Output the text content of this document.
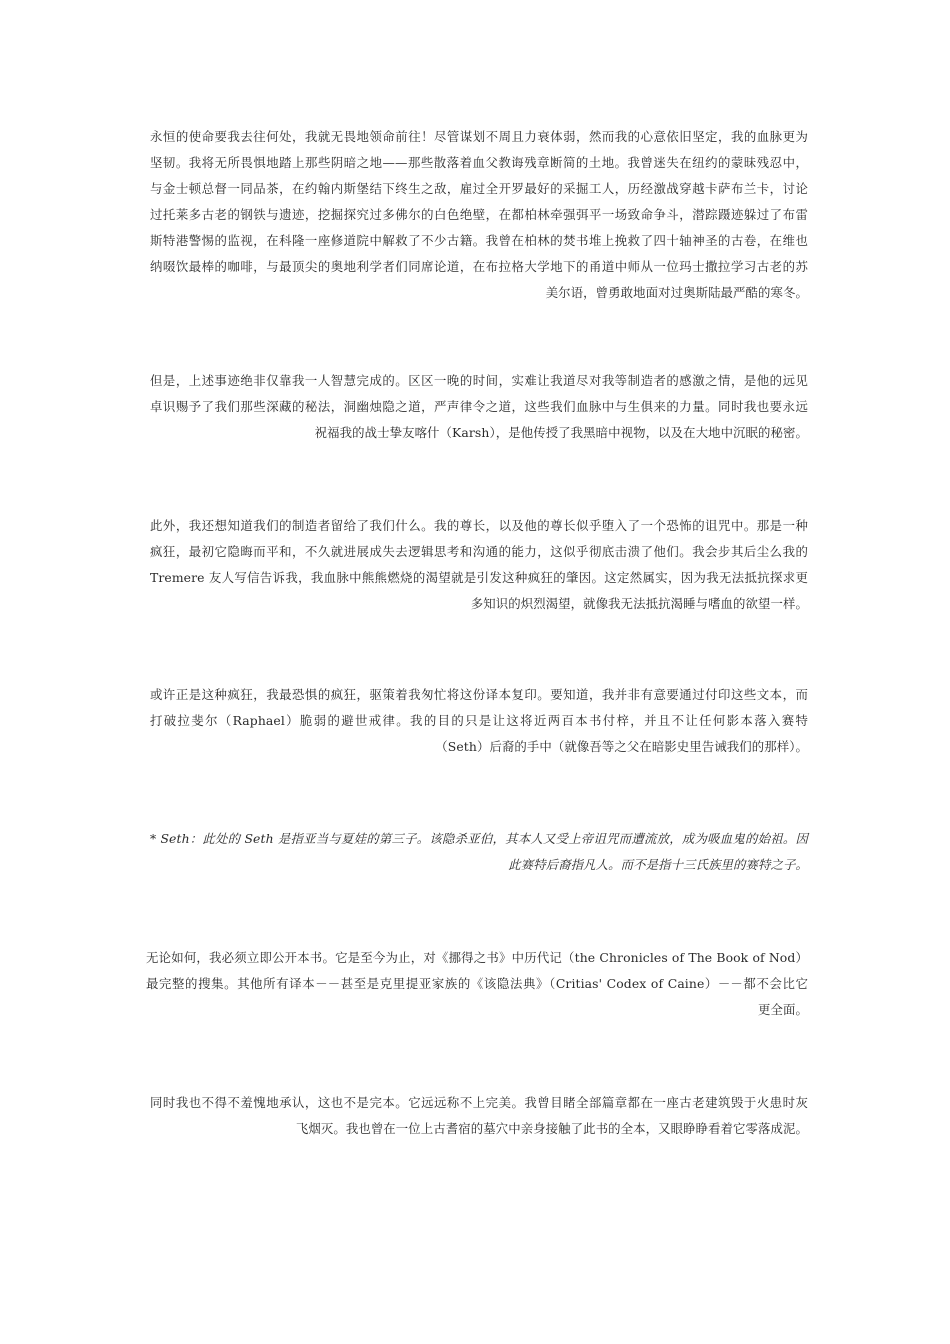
永恒的使命要我去往何处，我就无畏地领命前往！尽管谋划不周且力衰体弱，然而我的心意依旧坚定，我的血脉更为
坚韧。我将无所畏惧地踏上那些阴暗之地——那些散落着血父教诲残章断简的土地。我曾迷失在纽约的蒙昧残忍中，
与金士顿总督一同品茶，在约翰内斯堡结下终生之敌，雇过全开罗最好的采掘工人，历经激战穿越卡萨布兰卡，讨论
过托莱多古老的钢铁与遗迹，挖掘探究过多佛尔的白色绝壁，在都柏林牵强弭平一场致命争斗，潜踪蹑迹躲过了布雷
斯特港警惕的监视，在科隆一座修道院中解救了不少古籍。我曾在柏林的焚书堆上挽救了四十轴神圣的古卷，在维也
纳啜饮最棒的咖啡，与最顶尖的奥地利学者们同席论道，在布拉格大学地下的甬道中师从一位玛士撒拉学习古老的苏
美尔语，曾勇敢地面对过奥斯陆最严酷的寒冬。
但是，上述事迹绝非仅靠我一人智慧完成的。区区一晚的时间，实难让我道尽对我等制造者的感激之情，是他的远见
卓识赐予了我们那些深藏的秘法，洞幽烛隐之道，严声律令之道，这些我们血脉中与生俱来的力量。同时我也要永远
祝福我的战士挚友喀什（Karsh），是他传授了我黑暗中视物，以及在大地中沉眠的秘密。
此外，我还想知道我们的制造者留给了我们什么。我的尊长，以及他的尊长似乎堕入了一个恐怖的诅咒中。那是一种
疯狂，最初它隐晦而平和，不久就进展成失去逻辑思考和沟通的能力，这似乎彻底击溃了他们。我会步其后尘么我的
Tremere 友人写信告诉我，我血脉中熊熊燃烧的渴望就是引发这种疯狂的肇因。这定然属实，因为我无法抵抗探求更
多知识的炽烈渴望，就像我无法抵抗渴睡与嗜血的欲望一样。
或许正是这种疯狂，我最恐惧的疯狂，驱策着我匆忙将这份译本复印。要知道，我并非有意要通过付印这些文本，而
打破拉斐尔（Raphael）脆弱的避世戒律。我的目的只是让这将近两百本书付梓，并且不让任何影本落入赛特
（Seth）后裔的手中（就像吾等之父在暗影史里告诫我们的那样）。
* Seth：此处的 Seth 是指亚当与夏娃的第三子。该隐杀亚伯，其本人又受上帝诅咒而遭流放，成为吸血鬼的始祖。因
此赛特后裔指凡人。而不是指十三氏族里的赛特之子。
无论如何，我必须立即公开本书。它是至今为止，对《挪得之书》中历代记（the Chronicles of The Book of Nod）
最完整的搜集。其他所有译本－－甚至是克里提亚家族的《该隐法典》（Critias' Codex of Caine）－－都不会比它
更全面。
同时我也不得不羞愧地承认，这也不是完本。它远远称不上完美。我曾目睹全部篇章都在一座古老建筑毁于火患时灰
飞烟灭。我也曾在一位上古耆宿的墓穴中亲身接触了此书的全本，又眼睁睁看着它零落成泥。
